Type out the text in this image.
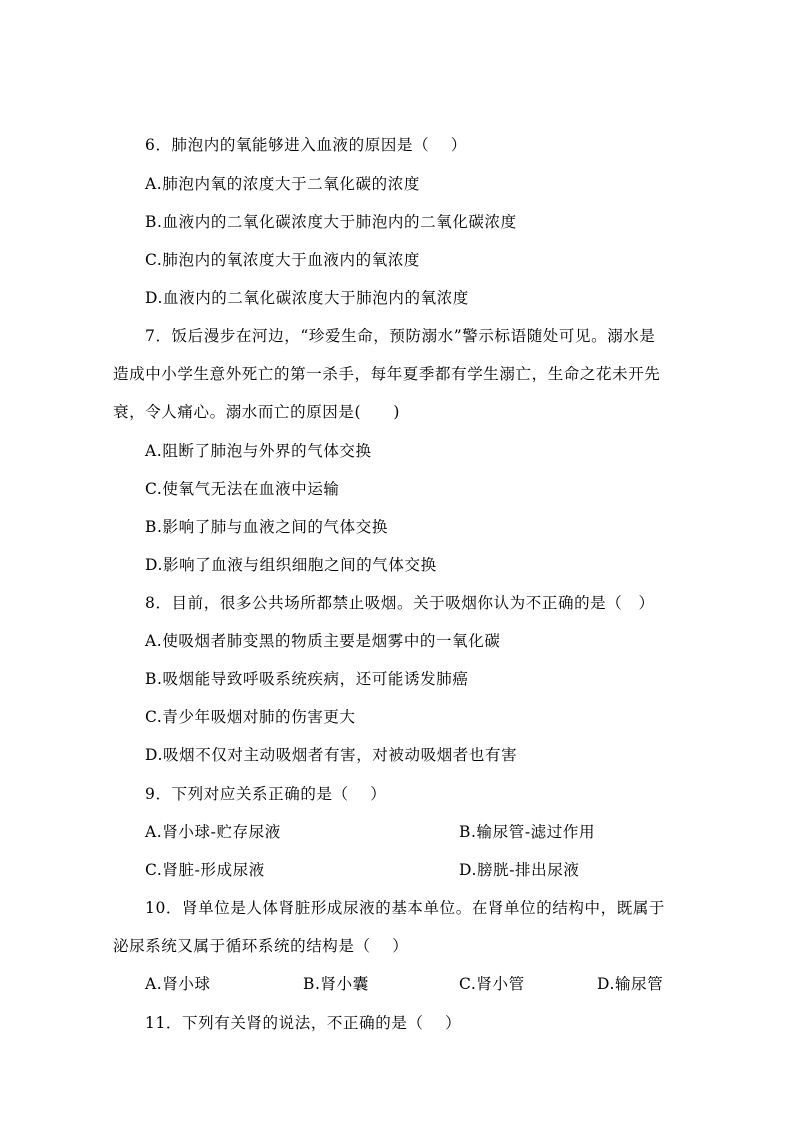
6．肺泡内的氧能够进入血液的原因是（　 ）
A.肺泡内氧的浓度大于二氧化碳的浓度
B.血液内的二氧化碳浓度大于肺泡内的二氧化碳浓度
C.肺泡内的氧浓度大于血液内的氧浓度
D.血液内的二氧化碳浓度大于肺泡内的氧浓度
7．饭后漫步在河边，“珍爱生命，预防溺水”警示标语随处可见。溺水是
造成中小学生意外死亡的第一杀手，每年夏季都有学生溺亡，生命之花未开先
衰，令人痛心。溺水而亡的原因是(　　)
A.阻断了肺泡与外界的气体交换
C.使氧气无法在血液中运输
B.影响了肺与血液之间的气体交换
D.影响了血液与组织细胞之间的气体交换
8．目前，很多公共场所都禁止吸烟。关于吸烟你认为不正确的是（　）
A.使吸烟者肺变黑的物质主要是烟雾中的一氧化碳
B.吸烟能导致呼吸系统疾病，还可能诱发肺癌
C.青少年吸烟对肺的伤害更大
D.吸烟不仅对主动吸烟者有害，对被动吸烟者也有害
9．下列对应关系正确的是（　 ）
A.肾小球-贮存尿液	B.输尿管-滤过作用
C.肾脏-形成尿液	D.膀胱-排出尿液
10．肾单位是人体肾脏形成尿液的基本单位。在肾单位的结构中，既属于
泌尿系统又属于循环系统的结构是（　 ）
A.肾小球	B.肾小囊	C.肾小管	D.输尿管
11．下列有关肾的说法，不正确的是（　 ）
